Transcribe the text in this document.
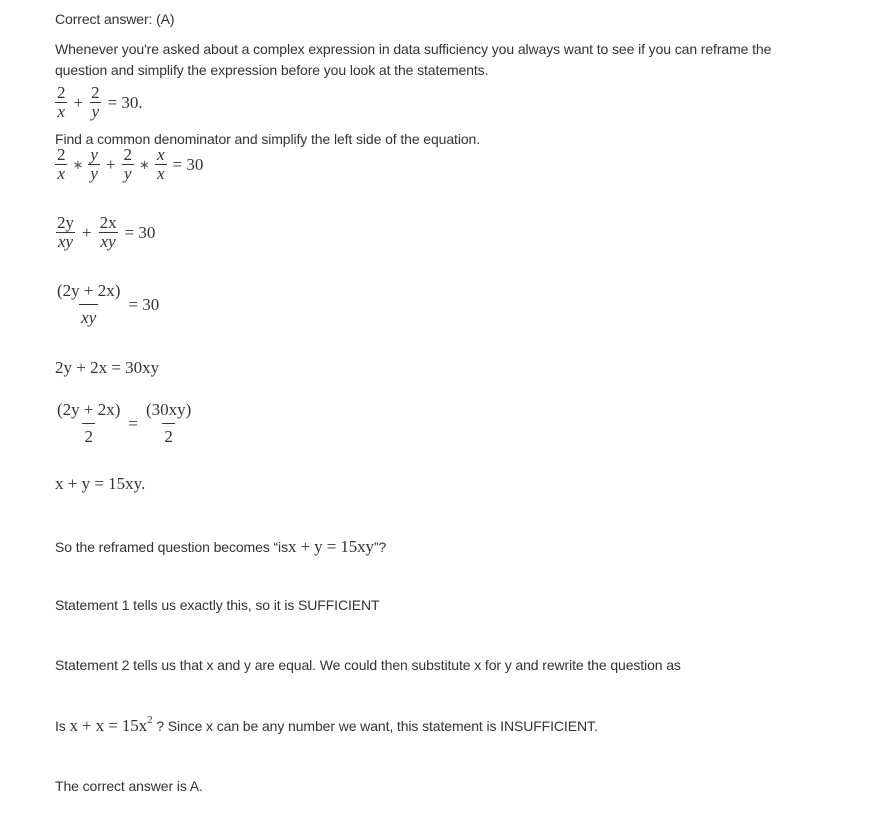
Correct answer: (A)
Whenever you're asked about a complex expression in data sufficiency you always want to see if you can reframe the
question and simplify the expression before you look at the statements.
$\frac{2}{x} + \frac{2}{y} = 30$.
Find a common denominator and simplify the left side of the equation.
$\frac{2}{x}$ ∗ $\frac{y}{y} + \frac{2}{y}$ ∗ $\frac{x}{x} = 30$
$\frac{2y}{xy} + \frac{2x}{xy} = 30$
$\frac{(2y + 2x)}{xy} = 30$
2y + 2x = 30xy
$\frac{(2y + 2x)}{2} = \frac{(30xy)}{2}$
x + y = 15xy.
So the reframed question becomes “isx + y = 15xy”?
Statement 1 tells us exactly this, so it is SUFFICIENT
Statement 2 tells us that x and y are equal. We could then substitute x for y and rewrite the question as
Is $x + x = 15x^2$ ? Since x can be any number we want, this statement is INSUFFICIENT.
The correct answer is A.
